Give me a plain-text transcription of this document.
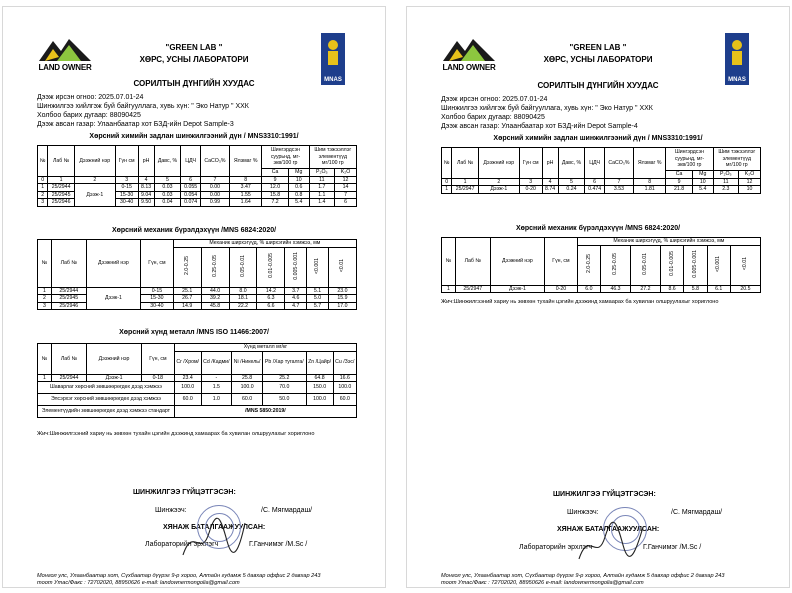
LAND OWNER
MNAS
"GREEN LAB "
ХӨРС, УСНЫ ЛАБОРАТОРИ
СОРИЛТЫН ДҮНГИЙН ХУУДАС
Дээж ирсэн огноо: 2025.07.01-24
Шинжилгээ хийлгэж буй байгууллага, хувь хүн: " Эко Натур " ХХК
Холбоо барих дугаар: 88090425
Дээж авсан газар: Улаанбаатар хот БЗД-ийн Depot Sample-3
Хөрсний химийн задлан шинжилгээний дүн / MNS3310:1991/
№	Лаб №	Дээжний нэр	Гүн см	pH	Давс, %	ЦДЧ	CaCO₃%	Ялзмаг %	Шингэрдсэн суурьнд, мг-экв/100 гр		Шим тэжээллэг элементүүд мг/100 гр	
									Ca	Mg	P₂O₅	K₂O
0	1	2	3	4	5	6	7	8	9	10	11	12
1	25/2944	Дээж-1	0-15	8.13	0.03	0.055	0.00	3.47	12.0	0.6	1.7	14
2	25/2945		15-30	9.04	0.03	0.054	0.00	1.55	15.8	0.8	1.1	7
3	25/2946		30-40	9.50	0.04	0.074	0.99	1.64	7.2	5.4	1.4	6
Хөрсний механик бүрэлдэхүүн /MNS 6824:2020/
№	Лаб №	Дээжний нэр	Гүн, см	Механик ширхэгүүд, % ширхэгийн хэмжээ, мм						
				2.0-0.25	0.25-0.05	0.05-0.01	0.01-0.005	0.005-0.001	<0.001	<0.01
1	25/2944	Дээж-1	0-15	25.1	44.0	8.0	14.2	3.7	5.1	23.0
2	25/2945		15-30	26.7	39.2	18.1	6.3	4.6	5.0	15.9
3	25/2946		30-40	14.9	45.8	22.2	6.6	4.7	5.7	17.0
Хөрсний хүнд металл /MNS ISO 11466:2007/
№	Лаб №	Дээжний нэр	Гүн, см	Хүнд металл мг/кг					
				Cr /Хром/	Cd /Кадми/	Ni /Никель/	Pb /Хар тугалга/	Zn /Цайр/	Cu /Зэс/
1	25/2944	Дээж-1	0-18	23.4	-	25.8	25.2	64.8	16.6
Шаварлаг хөрсний зөвшөөрөгдөх дээд хэмжээ				100.0	1.5	100.0	70.0	150.0	100.0
Элсэрхэг хөрсний зөвшөөрөгдөх дээд хэмжээ				60.0	1.0	60.0	50.0	100.0	60.0
Элементүүдийн зөвшөөрөгдөх дээд хэмжээ стандарт				/MNS 5850:2019/					
Жич:Шинжилгээний хариу нь зөвхөн тухайн цэгийн дээжинд хамаарах ба хувилан олшруулахыг хориглоно
ШИНЖИЛГЭЭ ГҮЙЦЭТГЭСЭН:
Шинжээч:	/С. Мягмардаш/
ХЯНАЖ БАТАЛГААЖУУЛСАН:
Лабораторийн эрхлэгч	Г.Ганчимэг /M.Sc /
Монгол улс, Улаанбаатар хот, Сүхбаатар дүүрэг 9-р хороо, Алтайн гудамж 5 давхар оффис 2 давхар 243
тоот Утас/Факс : 72702020, 88950626 e-mail: landownermongolia@gmail.com
LAND OWNER
MNAS
"GREEN LAB "
ХӨРС, УСНЫ ЛАБОРАТОРИ
СОРИЛТЫН ДҮНГИЙН ХУУДАС
Дээж ирсэн огноо: 2025.07.01-24
Шинжилгээ хийлгэж буй байгууллага, хувь хүн: " Эко Натур " ХХК
Холбоо барих дугаар: 88090425
Дээж авсан газар: Улаанбаатар хот БЗД-ийн Depot Sample-4
Хөрсний химийн задлан шинжилгээний дүн / MNS3310:1991/
№	Лаб №	Дээжний нэр	Гүн см	pH	Давс, %	ЦДЧ	CaCO₃%	Ялзмаг %	Шингэрдсэн суурьнд, мг-экв/100 гр		Шим тэжээллэг элементүүд мг/100 гр	
									Ca	Mg	P₂O₅	K₂O
0	1	2	3	4	5	6	7	8	9	10	11	12
1	25/2947	Дээж-1	0-20	8.74	0.24	0.474	3.53	1.81	21.8	5.4	2.3	10
Хөрсний механик бүрэлдэхүүн /MNS 6824:2020/
№	Лаб №	Дээжний нэр	Гүн, см	Механик ширхэгүүд, % ширхэгийн хэмжээ, мм						
				2.0-0.25	0.25-0.05	0.05-0.01	0.01-0.005	0.005-0.001	<0.001	<0.01
1	25/2947	Дээж-1	0-20	6.0	46.3	27.2	8.6	5.8	6.1	20.5
Жич:Шинжилгээний хариу нь зөвхөн тухайн цэгийн дээжинд хамаарах ба хувилан олшруулахыг хориглоно
ШИНЖИЛГЭЭ ГҮЙЦЭТГЭСЭН:
Шинжээч:	/С. Мягмардаш/
ХЯНАЖ БАТАЛГААЖУУЛСАН:
Лабораторийн эрхлэгч	Г.Ганчимэг /M.Sc /
Монгол улс, Улаанбаатар хот, Сүхбаатар дүүрэг 9-р хороо, Алтайн гудамж 5 давхар оффис 2 давхар 243
тоот Утас/Факс : 72702020, 88950626 e-mail: landownermongolia@gmail.com
